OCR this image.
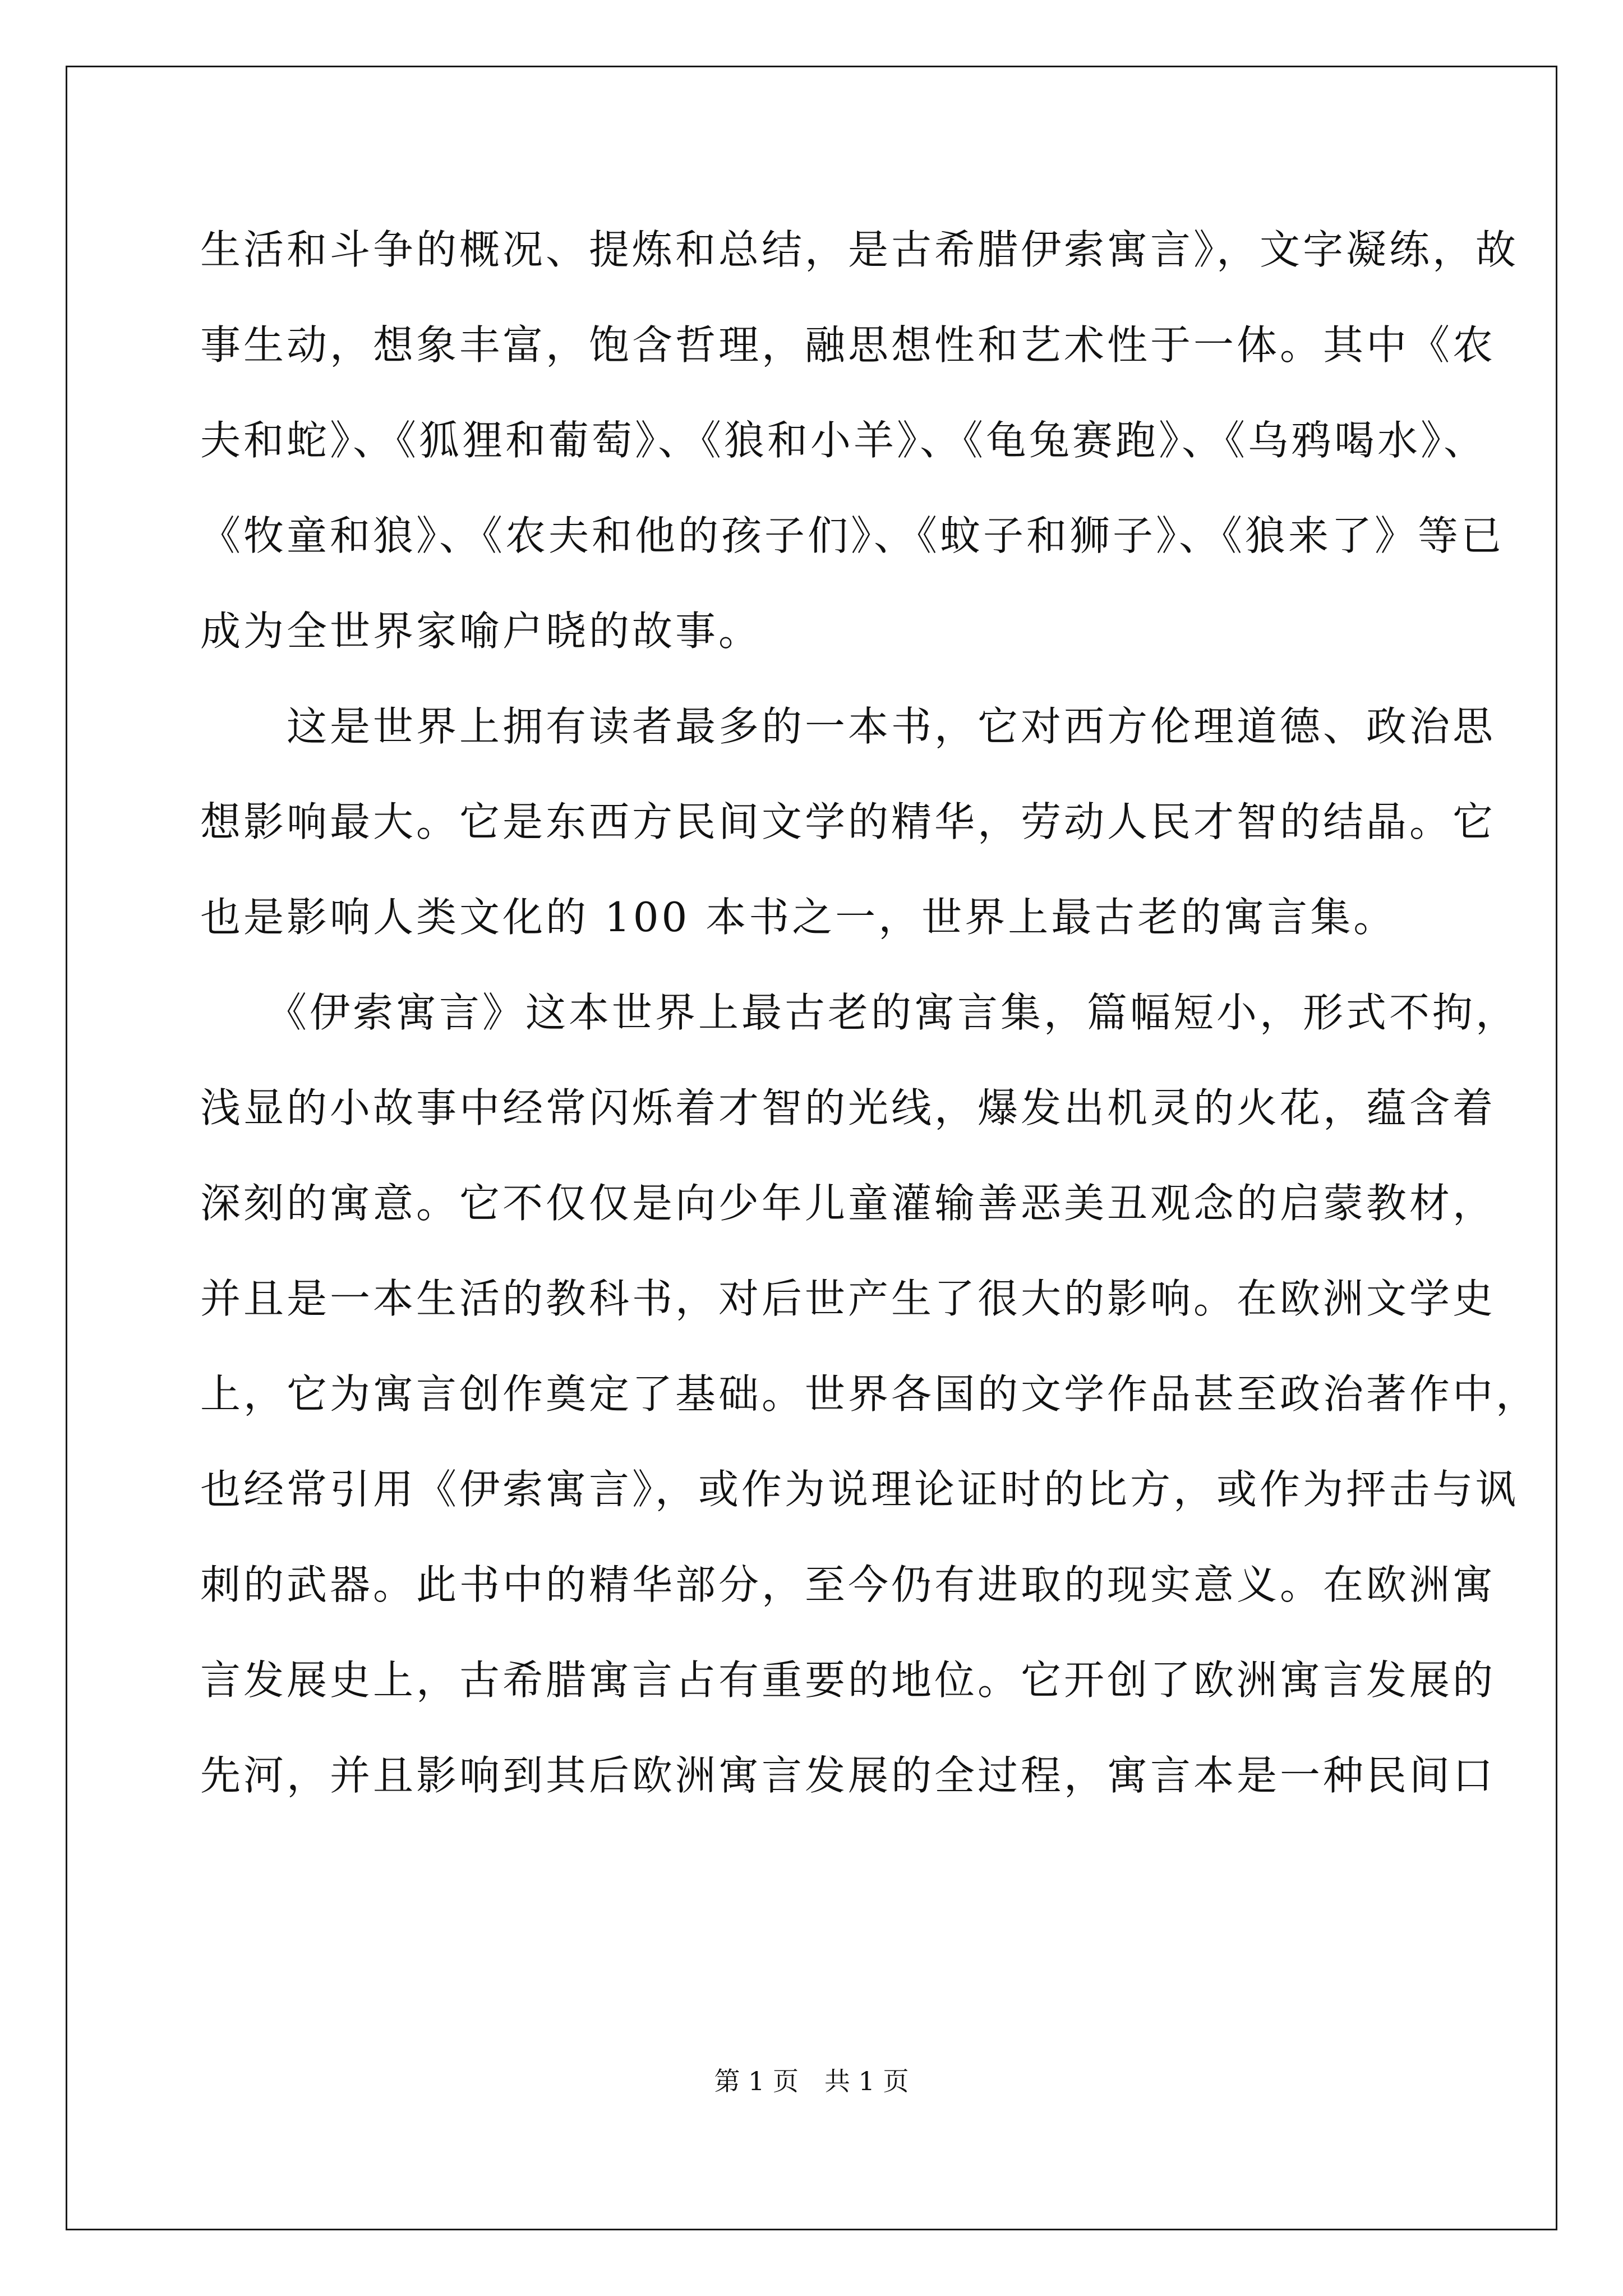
生活和斗争的概况、提炼和总结，是古希腊伊索寓言》，文字凝练，故
事生动，想象丰富，饱含哲理，融思想性和艺术性于一体。其中《农
夫和蛇》、《狐狸和葡萄》、《狼和小羊》、《龟兔赛跑》、《乌鸦喝水》、
《牧童和狼》、《农夫和他的孩子们》、《蚊子和狮子》、《狼来了》等已
成为全世界家喻户晓的故事。
　　这是世界上拥有读者最多的一本书，它对西方伦理道德、政治思
想影响最大。它是东西方民间文学的精华，劳动人民才智的结晶。它
也是影响人类文化的 100 本书之一，世界上最古老的寓言集。
　　《伊索寓言》这本世界上最古老的寓言集，篇幅短小，形式不拘，
浅显的小故事中经常闪烁着才智的光线，爆发出机灵的火花，蕴含着
深刻的寓意。它不仅仅是向少年儿童灌输善恶美丑观念的启蒙教材，
并且是一本生活的教科书，对后世产生了很大的影响。在欧洲文学史
上，它为寓言创作奠定了基础。世界各国的文学作品甚至政治著作中，
也经常引用《伊索寓言》，或作为说理论证时的比方，或作为抨击与讽
刺的武器。此书中的精华部分，至今仍有进取的现实意义。在欧洲寓
言发展史上，古希腊寓言占有重要的地位。它开创了欧洲寓言发展的
先河，并且影响到其后欧洲寓言发展的全过程，寓言本是一种民间口
第 1 页　共 1 页
